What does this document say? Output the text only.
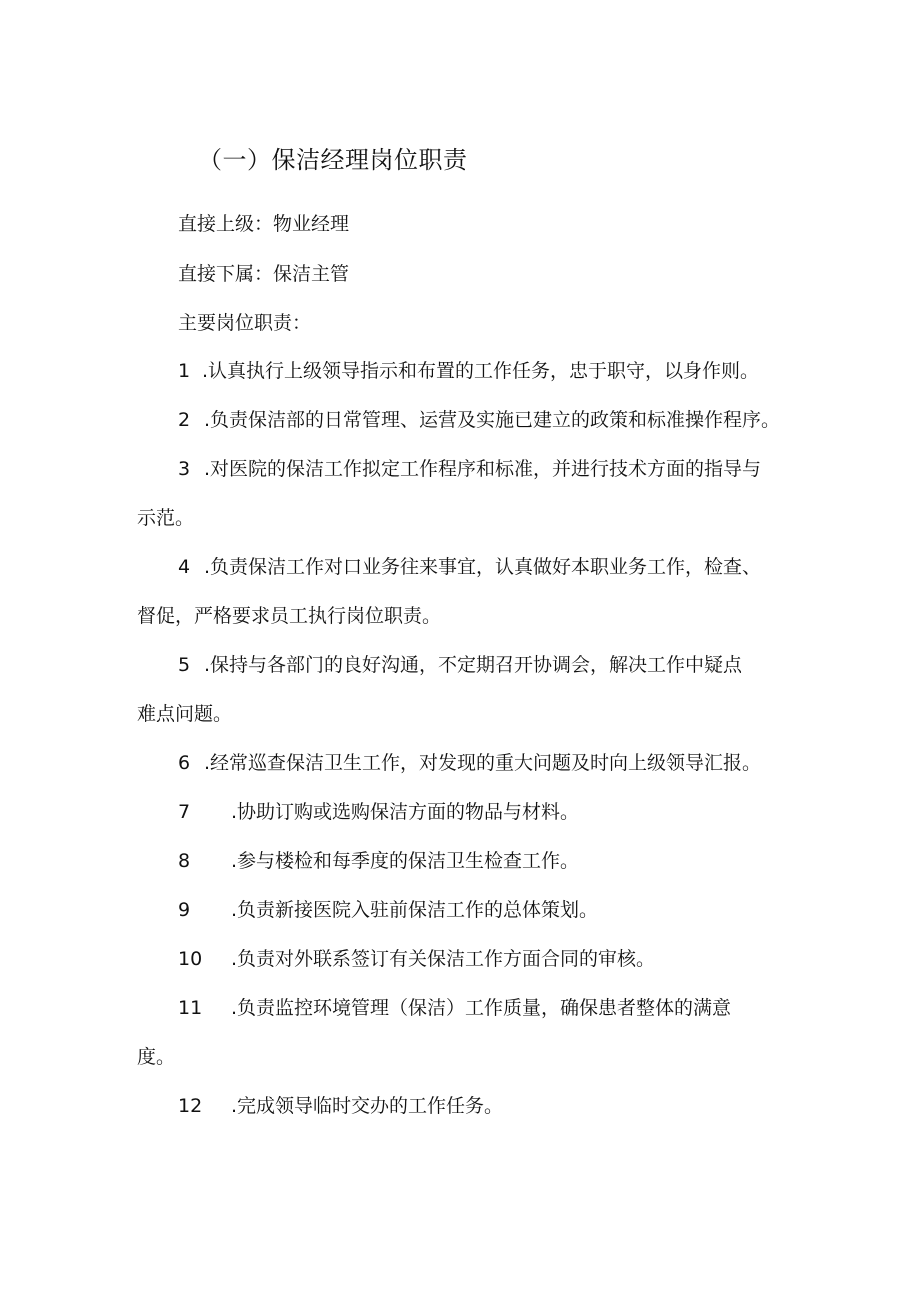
（一）保洁经理岗位职责
直接上级：物业经理
直接下属：保洁主管
主要岗位职责：
1 .认真执行上级领导指示和布置的工作任务，忠于职守，以身作则。
2 .负责保洁部的日常管理、运营及实施已建立的政策和标准操作程序。
3 .对医院的保洁工作拟定工作程序和标准，并进行技术方面的指导与
示范。
4 .负责保洁工作对口业务往来事宜，认真做好本职业务工作，检查、
督促，严格要求员工执行岗位职责。
5 .保持与各部门的良好沟通，不定期召开协调会，解决工作中疑点
难点问题。
6 .经常巡查保洁卫生工作，对发现的重大问题及时向上级领导汇报。
7 .协助订购或选购保洁方面的物品与材料。
8 .参与楼检和每季度的保洁卫生检查工作。
9 .负责新接医院入驻前保洁工作的总体策划。
10 .负责对外联系签订有关保洁工作方面合同的审核。
11 .负责监控环境管理（保洁）工作质量，确保患者整体的满意
度。
12 .完成领导临时交办的工作任务。
